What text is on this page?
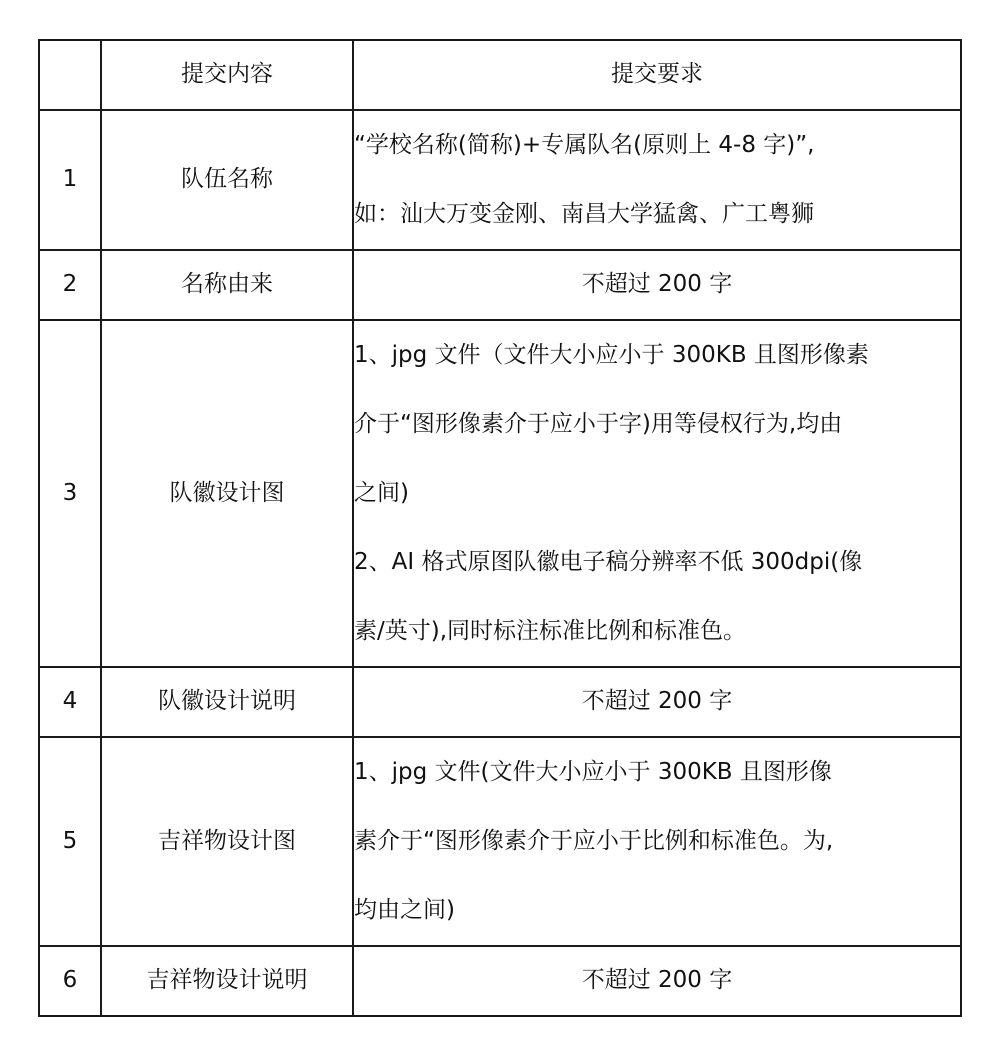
	提交内容	提交要求
1	队伍名称	“学校名称(简称)+专属队名(原则上 4-8 字)”,
如：汕大万变金刚、南昌大学猛禽、广工粤狮

2	名称由来	不超过 200 字
3	队徽设计图	1、jpg 文件（文件大小应小于 300KB 且图形像素
介于“图形像素介于应小于字)用等侵权行为,均由
之间)
2、AI 格式原图队徽电子稿分辨率不低 300dpi(像
素/英寸),同时标注标准比例和标准色。

4	队徽设计说明	不超过 200 字
5	吉祥物设计图	1、jpg 文件(文件大小应小于 300KB 且图形像
素介于“图形像素介于应小于比例和标准色。为,
均由之间)

6	吉祥物设计说明	不超过 200 字
